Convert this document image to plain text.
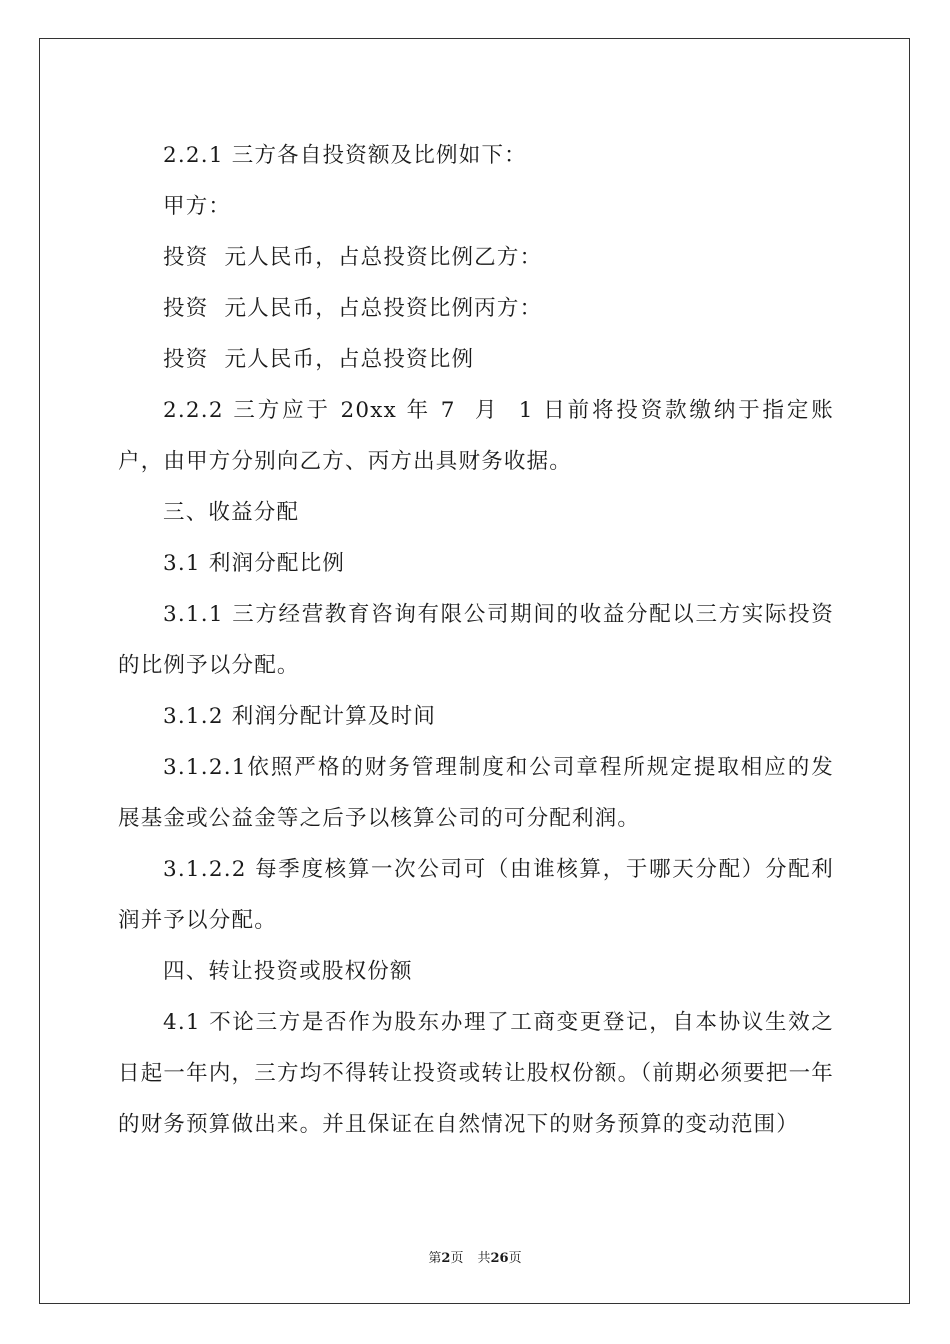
2.2.1 三方各自投资额及比例如下：

甲方：

投资  元人民币，占总投资比例乙方：

投资  元人民币，占总投资比例丙方：

投资  元人民币，占总投资比例

2.2.2 三方应于 20xx 年 7  月  1 日前将投资款缴纳于指定账户，由甲方分别向乙方、丙方出具财务收据。

三、收益分配

3.1 利润分配比例

3.1.1 三方经营教育咨询有限公司期间的收益分配以三方实际投资的比例予以分配。

3.1.2 利润分配计算及时间

3.1.2.1依照严格的财务管理制度和公司章程所规定提取相应的发展基金或公益金等之后予以核算公司的可分配利润。

3.1.2.2 每季度核算一次公司可（由谁核算，于哪天分配）分配利润并予以分配。

四、转让投资或股权份额

4.1 不论三方是否作为股东办理了工商变更登记，自本协议生效之日起一年内，三方均不得转让投资或转让股权份额。（前期必须要把一年的财务预算做出来。并且保证在自然情况下的财务预算的变动范围）

第2页 共26页
